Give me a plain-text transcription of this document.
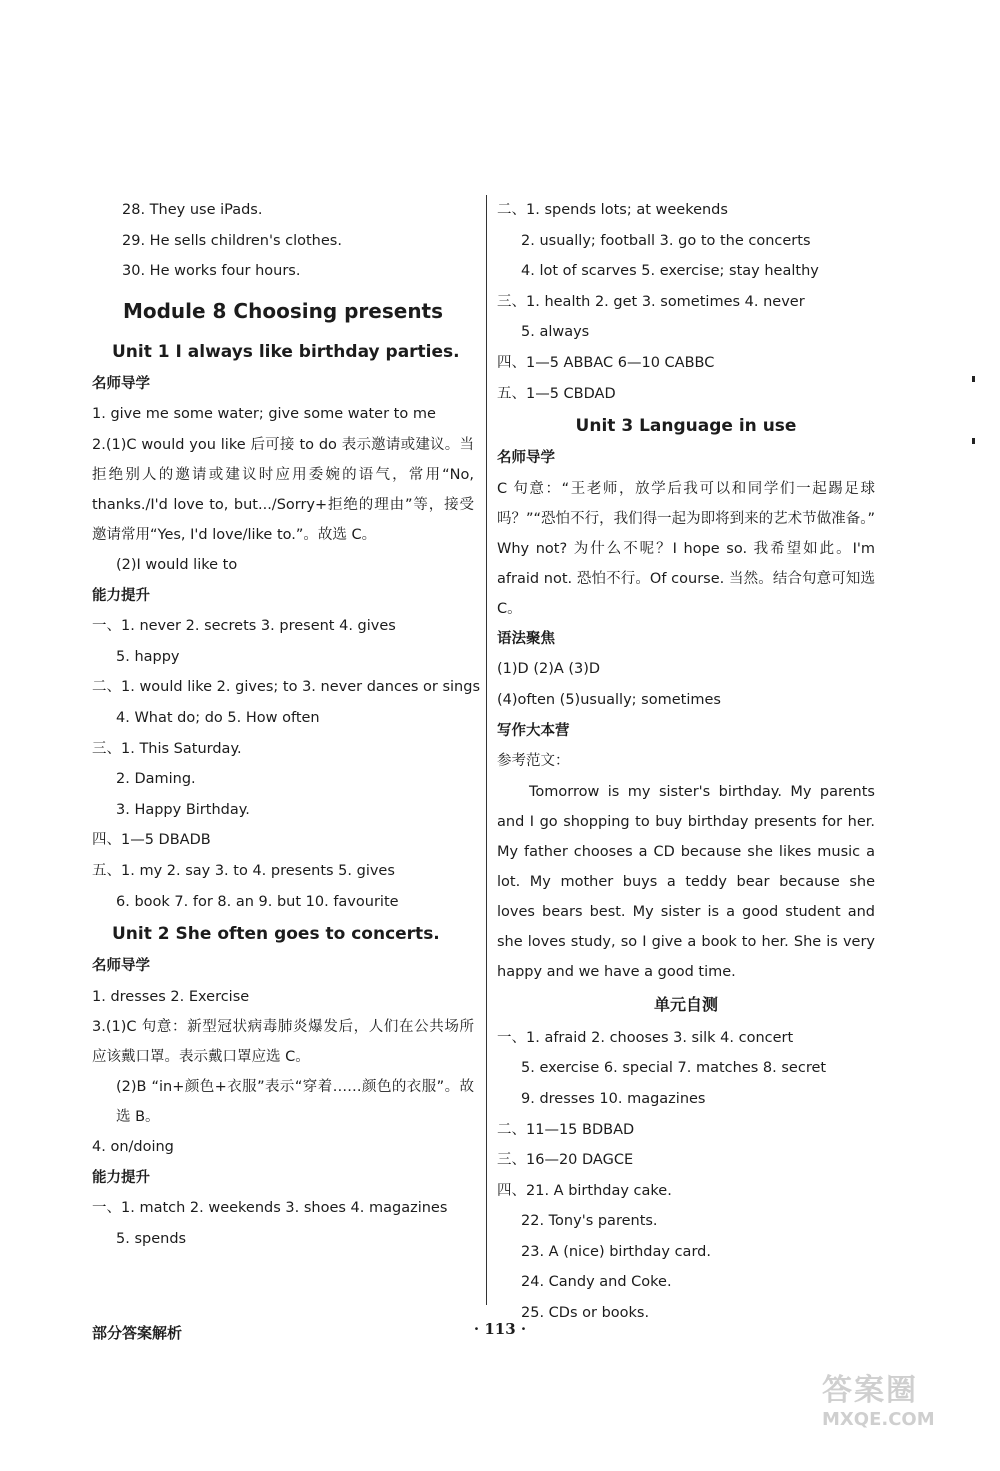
28. They use iPads.
29. He sells children's clothes.
30. He works four hours.
Module 8 Choosing presents
Unit 1 I always like birthday parties.
名师导学
1. give me some water; give some water to me
2.(1)C would you like 后可接 to do 表示邀请或建议。当拒绝别人的邀请或建议时应用委婉的语气，常用“No, thanks./I'd love to, but.../Sorry+拒绝的理由”等，接受邀请常用“Yes, I'd love/like to.”。故选 C。
(2)I would like to
能力提升
一、1. never 2. secrets 3. present 4. gives
5. happy
二、1. would like 2. gives; to 3. never dances or sings
4. What do; do 5. How often
三、1. This Saturday.
2. Daming.
3. Happy Birthday.
四、1—5 DBADB
五、1. my 2. say 3. to 4. presents 5. gives
6. book 7. for 8. an 9. but 10. favourite
Unit 2 She often goes to concerts.
名师导学
1. dresses 2. Exercise
3.(1)C 句意：新型冠状病毒肺炎爆发后，人们在公共场所应该戴口罩。表示戴口罩应选 C。
(2)B “in+颜色+衣服”表示“穿着……颜色的衣服”。故选 B。
4. on/doing
能力提升
一、1. match 2. weekends 3. shoes 4. magazines
5. spends
二、1. spends lots; at weekends
2. usually; football 3. go to the concerts
4. lot of scarves 5. exercise; stay healthy
三、1. health 2. get 3. sometimes 4. never
5. always
四、1—5 ABBAC 6—10 CABBC
五、1—5 CBDAD
Unit 3 Language in use
名师导学
C 句意：“王老师，放学后我可以和同学们一起踢足球吗？”“恐怕不行，我们得一起为即将到来的艺术节做准备。” Why not? 为什么不呢？I hope so. 我希望如此。I'm afraid not. 恐怕不行。Of course. 当然。结合句意可知选 C。
语法聚焦
(1)D (2)A (3)D
(4)often (5)usually; sometimes
写作大本营
参考范文：
Tomorrow is my sister's birthday. My parents and I go shopping to buy birthday presents for her. My father chooses a CD because she likes music a lot. My mother buys a teddy bear because she loves bears best. My sister is a good student and she loves study, so I give a book to her. She is very happy and we have a good time.
单元自测
一、1. afraid 2. chooses 3. silk 4. concert
5. exercise 6. special 7. matches 8. secret
9. dresses 10. magazines
二、11—15 BDBAD
三、16—20 DAGCE
四、21. A birthday cake.
22. Tony's parents.
23. A (nice) birthday card.
24. Candy and Coke.
25. CDs or books.
部分答案解析	· 113 ·
答案圈
MXQE.COM
